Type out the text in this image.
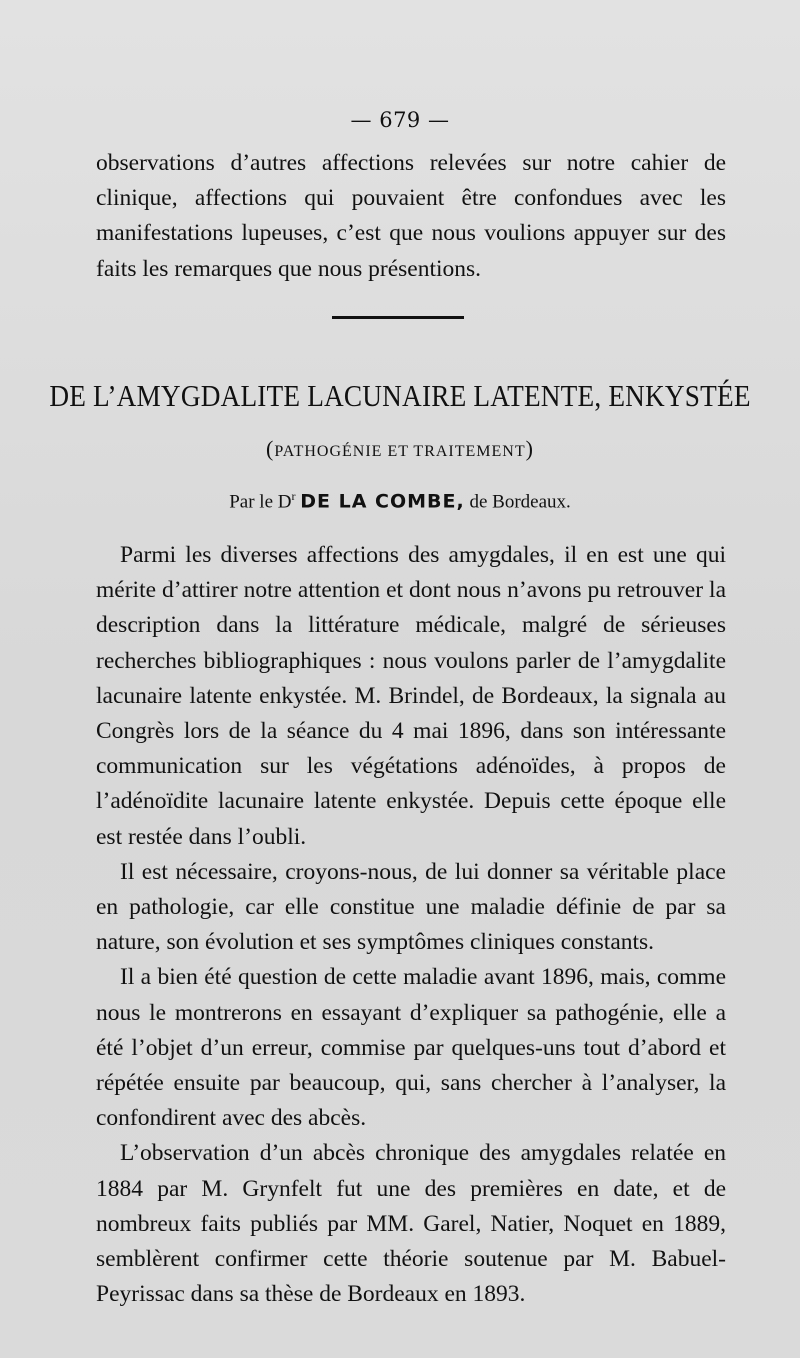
— 679 —

observations d’autres affections relevées sur notre cahier de clinique, affections qui pouvaient être confondues avec les manifestations lupeuses, c’est que nous voulions appuyer sur des faits les remarques que nous présentions.

DE L’AMYGDALITE LACUNAIRE LATENTE, ENKYSTÉE
(PATHOGÉNIE ET TRAITEMENT)
Par le $D^r$ DE LA COMBE, de Bordeaux.

Parmi les diverses affections des amygdales, il en est une qui mérite d’attirer notre attention et dont nous n’avons pu retrouver la description dans la littérature médicale, malgré de sérieuses recherches bibliographiques : nous voulons parler de l’amygdalite lacunaire latente enkystée. M. Brindel, de Bordeaux, la signala au Congrès lors de la séance du 4 mai 1896, dans son intéressante communication sur les végétations adénoïdes, à propos de l’adénoïdite lacunaire latente enkystée. Depuis cette époque elle est restée dans l’oubli.

Il est nécessaire, croyons-nous, de lui donner sa véritable place en pathologie, car elle constitue une maladie définie de par sa nature, son évolution et ses symptômes cliniques constants.

Il a bien été question de cette maladie avant 1896, mais, comme nous le montrerons en essayant d’expliquer sa pathogénie, elle a été l’objet d’un erreur, commise par quelques-uns tout d’abord et répétée ensuite par beaucoup, qui, sans chercher à l’analyser, la confondirent avec des abcès.

L’observation d’un abcès chronique des amygdales relatée en 1884 par M. Grynfelt fut une des premières en date, et de nombreux faits publiés par MM. Garel, Natier, Noquet en 1889, semblèrent confirmer cette théorie soutenue par M. Babuel-Peyrissac dans sa thèse de Bordeaux en 1893.
